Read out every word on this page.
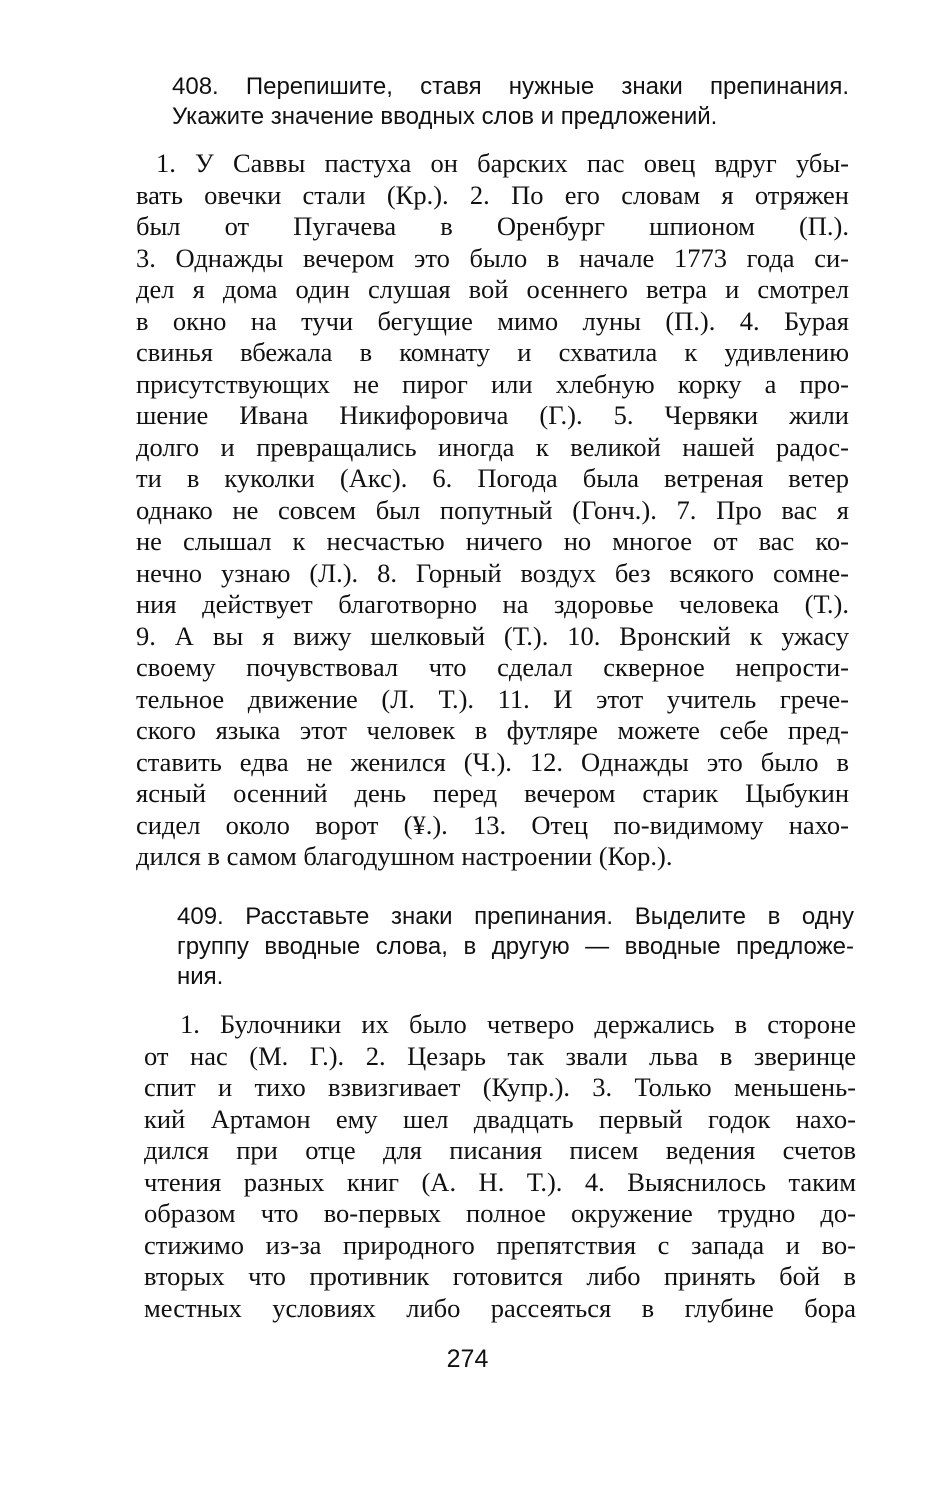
408. Перепишите, ставя нужные знаки препинания.
Укажите значение вводных слов и предложений.
1. У Саввы пастуха он барских пас овец вдруг убы-
вать овечки стали (Кр.). 2. По его словам я отряжен
был от Пугачева в Оренбург шпионом (П.).
3. Однажды вечером это было в начале 1773 года си-
дел я дома один слушая вой осеннего ветра и смотрел
в окно на тучи бегущие мимо луны (П.). 4. Бурая
свинья вбежала в комнату и схватила к удивлению
присутствующих не пирог или хлебную корку а про-
шение Ивана Никифоровича (Г.). 5. Червяки жили
долго и превращались иногда к великой нашей радос-
ти в куколки (Акс). 6. Погода была ветреная ветер
однако не совсем был попутный (Гонч.). 7. Про вас я
не слышал к несчастью ничего но многое от вас ко-
нечно узнаю (Л.). 8. Горный воздух без всякого сомне-
ния действует благотворно на здоровье человека (Т.).
9. А вы я вижу шелковый (Т.). 10. Вронский к ужасу
своему почувствовал что сделал скверное непрости-
тельное движение (Л. Т.). 11. И этот учитель грече-
ского языка этот человек в футляре можете себе пред-
ставить едва не женился (Ч.). 12. Однажды это было в
ясный осенний день перед вечером старик Цыбукин
сидел около ворот (¥.). 13. Отец по-видимому нахо-
дился в самом благодушном настроении (Кор.).
409. Расставьте знаки препинания. Выделите в одну
группу вводные слова, в другую — вводные предложе-
ния.
1. Булочники их было четверо держались в стороне
от нас (М. Г.). 2. Цезарь так звали льва в зверинце
спит и тихо взвизгивает (Купр.). 3. Только меньшень-
кий Артамон ему шел двадцать первый годок нахо-
дился при отце для писания писем ведения счетов
чтения разных книг (А. Н. Т.). 4. Выяснилось таким
образом что во-первых полное окружение трудно до-
стижимо из-за природного препятствия с запада и во-
вторых что противник готовится либо принять бой в
местных условиях либо рассеяться в глубине бора
274
